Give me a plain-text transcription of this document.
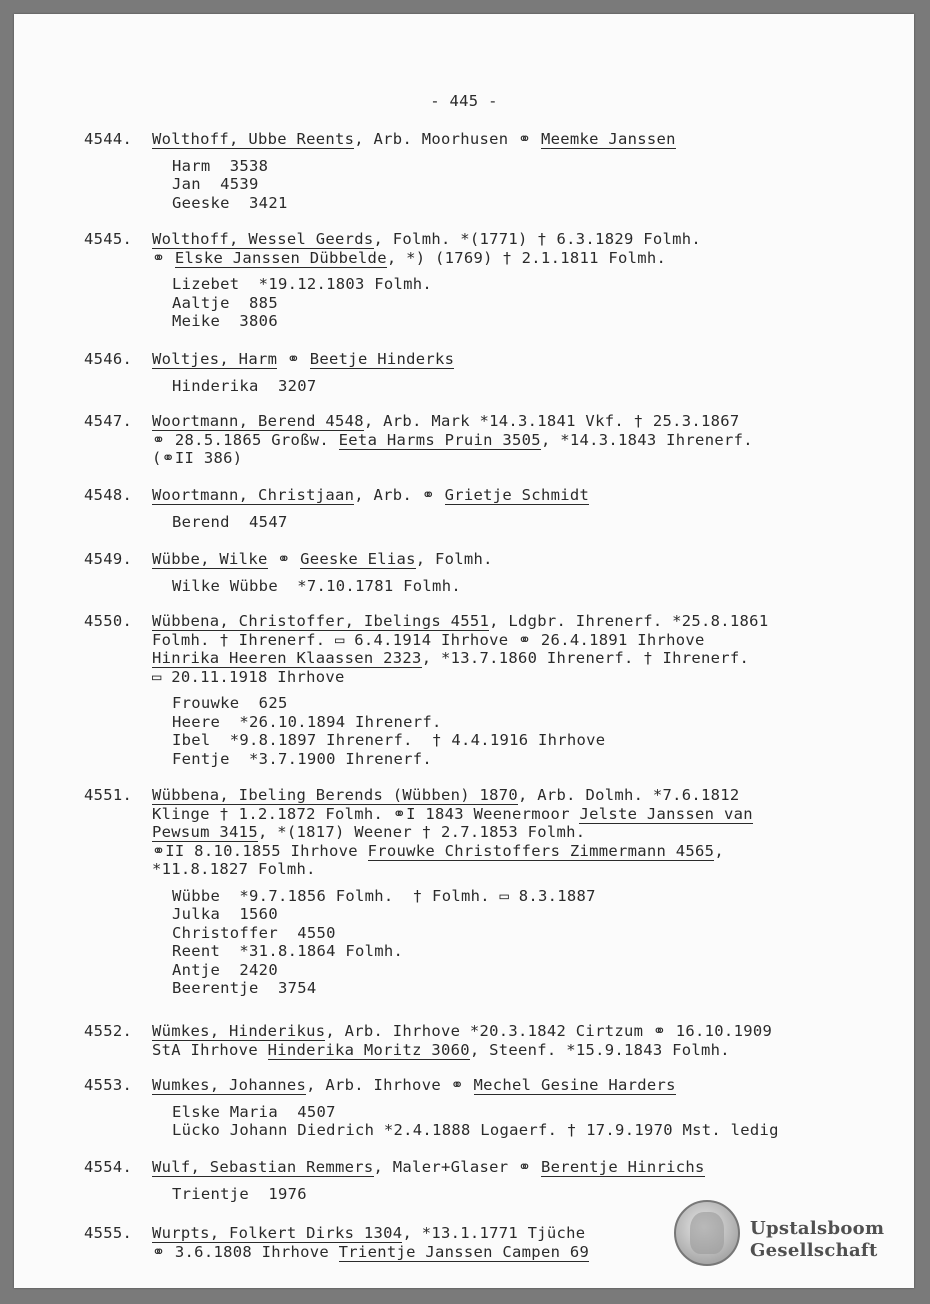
- 445 -
4544. Wolthoff, Ubbe Reents, Arb. Moorhusen ⚭ Meemke Janssen
Harm  3538
Jan  4539
Geeske  3421
4545. Wolthoff, Wessel Geerds, Folmh. *(1771) † 6.3.1829 Folmh.
⚭ Elske Janssen Dübbelde, *) (1769) † 2.1.1811 Folmh.
Lizebet  *19.12.1803 Folmh.
Aaltje  885
Meike  3806
4546. Woltjes, Harm ⚭ Beetje Hinderks
Hinderika  3207
4547. Woortmann, Berend 4548, Arb. Mark *14.3.1841 Vkf. † 25.3.1867
⚭ 28.5.1865 Großw. Eeta Harms Pruin 3505, *14.3.1843 Ihrenerf.
(⚭II 386)
4548. Woortmann, Christjaan, Arb. ⚭ Grietje Schmidt
Berend  4547
4549. Wübbe, Wilke ⚭ Geeske Elias, Folmh.
Wilke Wübbe  *7.10.1781 Folmh.
4550. Wübbena, Christoffer, Ibelings 4551, Ldgbr. Ihrenerf. *25.8.1861
Folmh. † Ihrenerf. ▭ 6.4.1914 Ihrhove ⚭ 26.4.1891 Ihrhove
Hinrika Heeren Klaassen 2323, *13.7.1860 Ihrenerf. † Ihrenerf.
▭ 20.11.1918 Ihrhove
Frouwke  625
Heere  *26.10.1894 Ihrenerf.
Ibel  *9.8.1897 Ihrenerf.  † 4.4.1916 Ihrhove
Fentje  *3.7.1900 Ihrenerf.
4551. Wübbena, Ibeling Berends (Wübben) 1870, Arb. Dolmh. *7.6.1812
Klinge † 1.2.1872 Folmh. ⚭I 1843 Weenermoor Jelste Janssen van
Pewsum 3415, *(1817) Weener † 2.7.1853 Folmh.
⚭II 8.10.1855 Ihrhove Frouwke Christoffers Zimmermann 4565,
*11.8.1827 Folmh.
Wübbe  *9.7.1856 Folmh.  † Folmh. ▭ 8.3.1887
Julka  1560
Christoffer  4550
Reent  *31.8.1864 Folmh.
Antje  2420
Beerentje  3754
4552. Wümkes, Hinderikus, Arb. Ihrhove *20.3.1842 Cirtzum ⚭ 16.10.1909
StA Ihrhove Hinderika Moritz 3060, Steenf. *15.9.1843 Folmh.
4553. Wumkes, Johannes, Arb. Ihrhove ⚭ Mechel Gesine Harders
Elske Maria  4507
Lücko Johann Diedrich *2.4.1888 Logaerf. † 17.9.1970 Mst. ledig
4554. Wulf, Sebastian Remmers, Maler+Glaser ⚭ Berentje Hinrichs
Trientje  1976
4555. Wurpts, Folkert Dirks 1304, *13.1.1771 Tjüche
⚭ 3.6.1808 Ihrhove Trientje Janssen Campen 69
Upstalsboom
Gesellschaft
